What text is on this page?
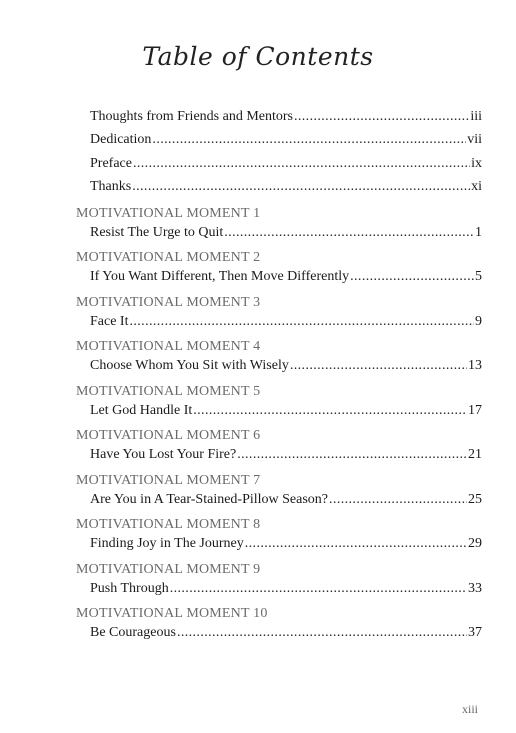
Table of Contents
Thoughts from Friends and Mentors .....	iii
Dedication .....	vii
Preface .....	ix
Thanks .....	xi
MOTIVATIONAL MOMENT 1
Resist The Urge to Quit .....	1
MOTIVATIONAL MOMENT 2
If You Want Different, Then Move Differently .....	5
MOTIVATIONAL MOMENT 3
Face It .....	9
MOTIVATIONAL MOMENT 4
Choose Whom You Sit with Wisely .....	13
MOTIVATIONAL MOMENT 5
Let God Handle It .....	17
MOTIVATIONAL MOMENT 6
Have You Lost Your Fire? .....	21
MOTIVATIONAL MOMENT 7
Are You in A Tear-Stained-Pillow Season? .....	25
MOTIVATIONAL MOMENT 8
Finding Joy in The Journey .....	29
MOTIVATIONAL MOMENT 9
Push Through .....	33
MOTIVATIONAL MOMENT 10
Be Courageous .....	37
xiii
